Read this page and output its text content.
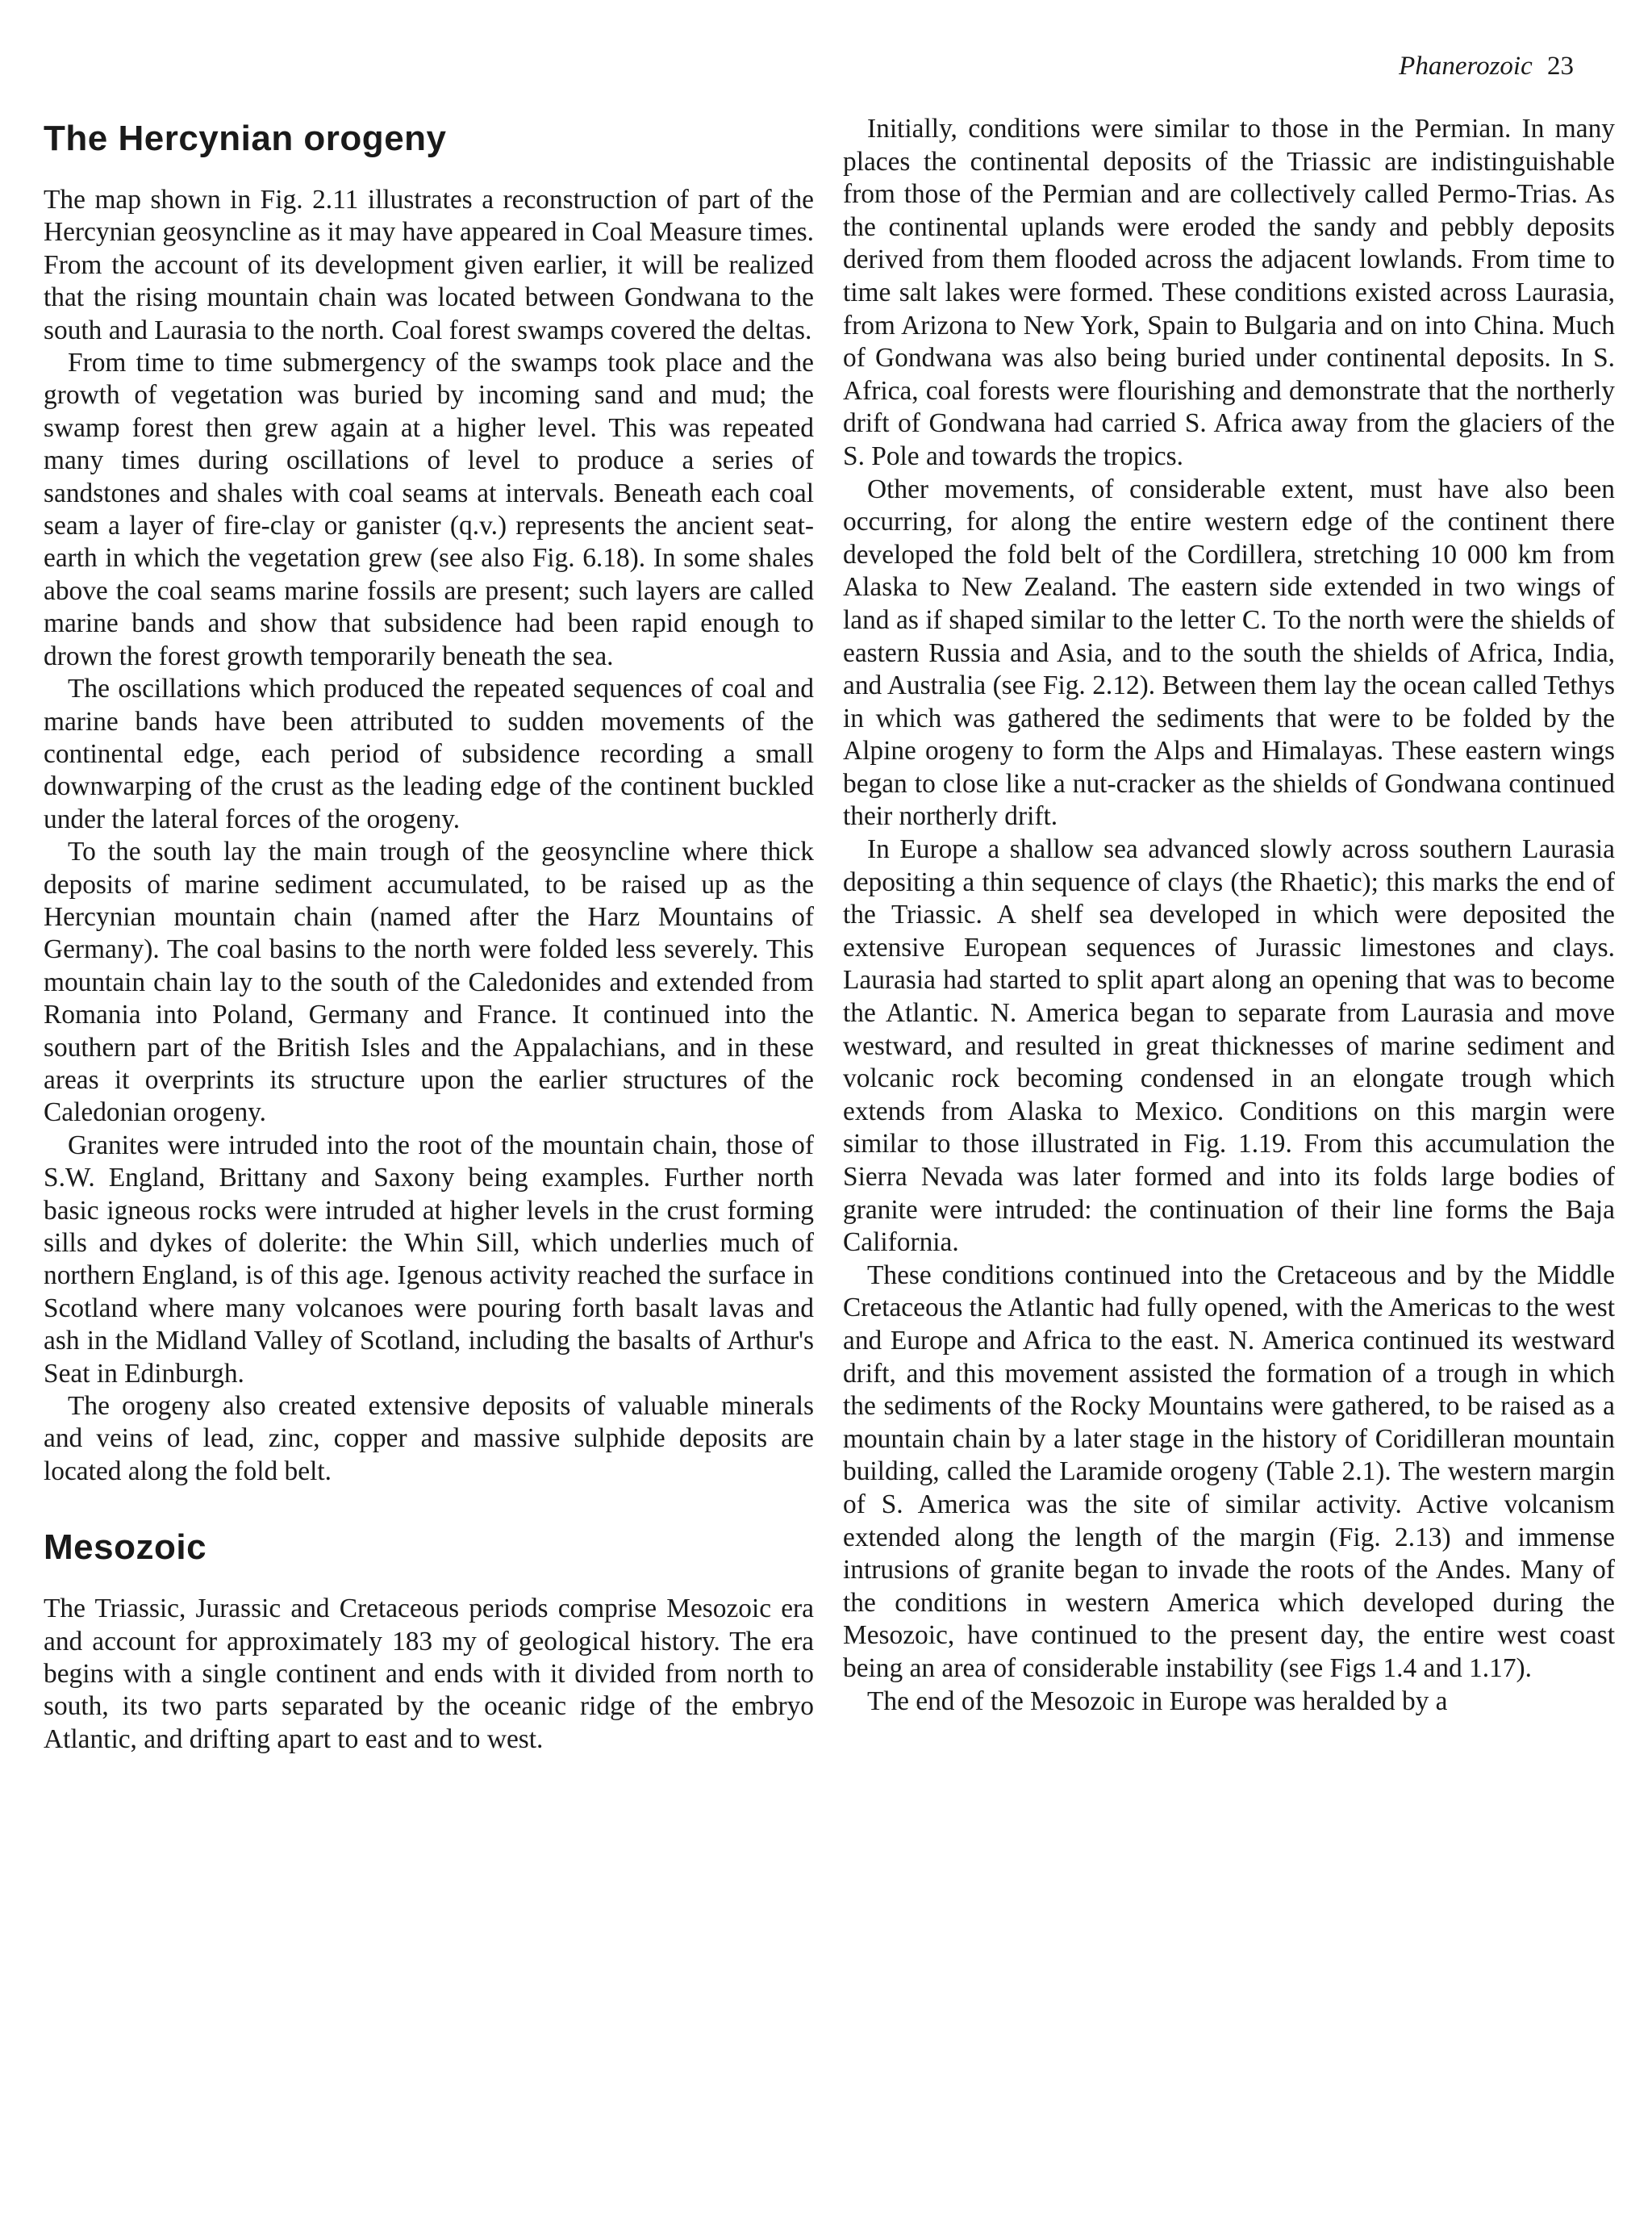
Phanerozoic 23
The Hercynian orogeny

The map shown in Fig. 2.11 illustrates a reconstruction of part of the Hercynian geosyncline as it may have appeared in Coal Measure times. From the account of its development given earlier, it will be realized that the rising mountain chain was located between Gondwana to the south and Laurasia to the north. Coal forest swamps covered the deltas.

From time to time submergency of the swamps took place and the growth of vegetation was buried by incoming sand and mud; the swamp forest then grew again at a higher level. This was repeated many times during oscillations of level to produce a series of sandstones and shales with coal seams at intervals. Beneath each coal seam a layer of fire-clay or ganister (q.v.) represents the ancient seat-earth in which the vegetation grew (see also Fig. 6.18). In some shales above the coal seams marine fossils are present; such layers are called marine bands and show that subsidence had been rapid enough to drown the forest growth temporarily beneath the sea.

The oscillations which produced the repeated sequences of coal and marine bands have been attributed to sudden movements of the continental edge, each period of subsidence recording a small downwarping of the crust as the leading edge of the continent buckled under the lateral forces of the orogeny.

To the south lay the main trough of the geosyncline where thick deposits of marine sediment accumulated, to be raised up as the Hercynian mountain chain (named after the Harz Mountains of Germany). The coal basins to the north were folded less severely. This mountain chain lay to the south of the Caledonides and extended from Romania into Poland, Germany and France. It continued into the southern part of the British Isles and the Appalachians, and in these areas it overprints its structure upon the earlier structures of the Caledonian orogeny.

Granites were intruded into the root of the mountain chain, those of S.W. England, Brittany and Saxony being examples. Further north basic igneous rocks were intruded at higher levels in the crust forming sills and dykes of dolerite: the Whin Sill, which underlies much of northern England, is of this age. Igenous activity reached the surface in Scotland where many volcanoes were pouring forth basalt lavas and ash in the Midland Valley of Scotland, including the basalts of Arthur's Seat in Edinburgh.

The orogeny also created extensive deposits of valuable minerals and veins of lead, zinc, copper and massive sulphide deposits are located along the fold belt.

Mesozoic

The Triassic, Jurassic and Cretaceous periods comprise Mesozoic era and account for approximately 183 my of geological history. The era begins with a single continent and ends with it divided from north to south, its two parts separated by the oceanic ridge of the embryo Atlantic, and drifting apart to east and to west.

Initially, conditions were similar to those in the Permian. In many places the continental deposits of the Triassic are indistinguishable from those of the Permian and are collectively called Permo-Trias. As the continental uplands were eroded the sandy and pebbly deposits derived from them flooded across the adjacent lowlands. From time to time salt lakes were formed. These conditions existed across Laurasia, from Arizona to New York, Spain to Bulgaria and on into China. Much of Gondwana was also being buried under continental deposits. In S. Africa, coal forests were flourishing and demonstrate that the northerly drift of Gondwana had carried S. Africa away from the glaciers of the S. Pole and towards the tropics.

Other movements, of considerable extent, must have also been occurring, for along the entire western edge of the continent there developed the fold belt of the Cordillera, stretching 10 000 km from Alaska to New Zealand. The eastern side extended in two wings of land as if shaped similar to the letter C. To the north were the shields of eastern Russia and Asia, and to the south the shields of Africa, India, and Australia (see Fig. 2.12). Between them lay the ocean called Tethys in which was gathered the sediments that were to be folded by the Alpine orogeny to form the Alps and Himalayas. These eastern wings began to close like a nut-cracker as the shields of Gondwana continued their northerly drift.

In Europe a shallow sea advanced slowly across southern Laurasia depositing a thin sequence of clays (the Rhaetic); this marks the end of the Triassic. A shelf sea developed in which were deposited the extensive European sequences of Jurassic limestones and clays. Laurasia had started to split apart along an opening that was to become the Atlantic. N. America began to separate from Laurasia and move westward, and resulted in great thicknesses of marine sediment and volcanic rock becoming condensed in an elongate trough which extends from Alaska to Mexico. Conditions on this margin were similar to those illustrated in Fig. 1.19. From this accumulation the Sierra Nevada was later formed and into its folds large bodies of granite were intruded: the continuation of their line forms the Baja California.

These conditions continued into the Cretaceous and by the Middle Cretaceous the Atlantic had fully opened, with the Americas to the west and Europe and Africa to the east. N. America continued its westward drift, and this movement assisted the formation of a trough in which the sediments of the Rocky Mountains were gathered, to be raised as a mountain chain by a later stage in the history of Coridilleran mountain building, called the Laramide orogeny (Table 2.1). The western margin of S. America was the site of similar activity. Active volcanism extended along the length of the margin (Fig. 2.13) and immense intrusions of granite began to invade the roots of the Andes. Many of the conditions in western America which developed during the Mesozoic, have continued to the present day, the entire west coast being an area of considerable instability (see Figs 1.4 and 1.17).

The end of the Mesozoic in Europe was heralded by a
